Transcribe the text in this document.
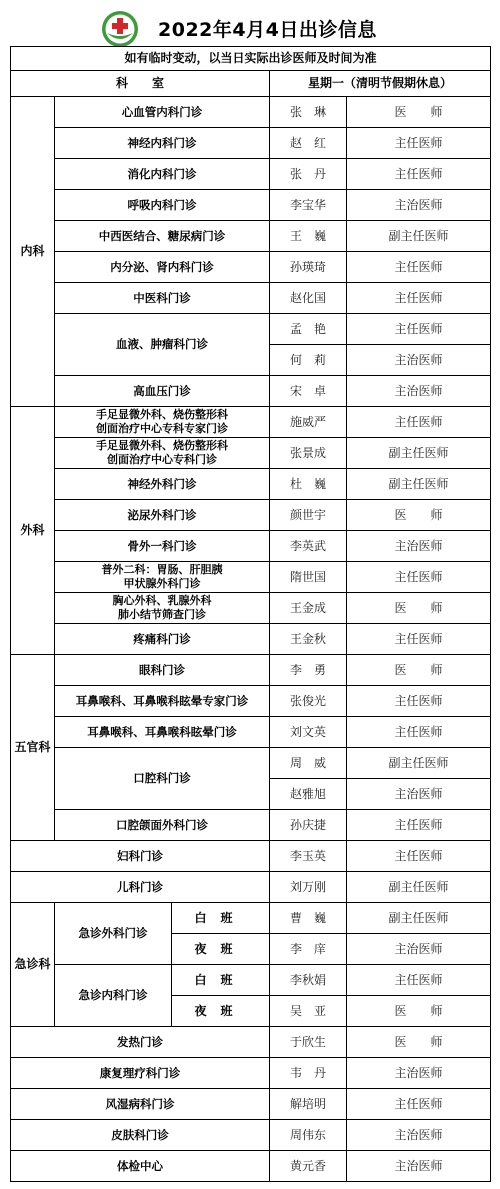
2022年4月4日出诊信息
如有临时变动，以当日实际出诊医师及时间为准				
科　　室			星期一（清明节假期休息）	
内科	心血管内科门诊		张　琳	医　　师
	神经内科门诊		赵　红	主任医师
	消化内科门诊		张　丹	主任医师
	呼吸内科门诊		李宝华	主治医师
	中西医结合、糖尿病门诊		王　巍	副主任医师
	内分泌、肾内科门诊		孙瑛琦	主任医师
	中医科门诊		赵化国	主任医师
	血液、肿瘤科门诊		孟　艳	主任医师
			何　莉	主治医师
	高血压门诊		宋　卓	主治医师
外科	手足显微外科、烧伤整形科
创面治疗中心专科专家门诊		施威严	主任医师

	手足显微外科、烧伤整形科
创面治疗中心专科门诊		张景成	副主任医师
	神经外科门诊		杜　巍	副主任医师
	泌尿外科门诊		颜世宇	医　　师
	骨外一科门诊		李英武	主治医师

	普外二科：胃肠、肝胆胰
甲状腺外科门诊		隋世国	主任医师

	胸心外科、乳腺外科
肺小结节筛查门诊		王金成	医　　师
	疼痛科门诊		王金秋	主任医师
五官科	眼科门诊		李　勇	医　　师
	耳鼻喉科、耳鼻喉科眩晕专家门诊		张俊光	主任医师
	耳鼻喉科、耳鼻喉科眩晕门诊		刘文英	主任医师
	口腔科门诊		周　威	副主任医师
			赵雅旭	主治医师
	口腔颌面外科门诊		孙庆捷	主任医师
妇科门诊			李玉英	主任医师
儿科门诊			刘万刚	副主任医师
急诊科	急诊外科门诊	白班	曹　巍	副主任医师
		夜班	李　庠	主治医师
	急诊内科门诊	白班	李秋娟	主任医师
		夜班	吴　亚	医　　师
发热门诊			于欣生	医　　师
康复理疗科门诊			韦　丹	主治医师
风湿病科门诊			解培明	主任医师
皮肤科门诊			周伟东	主治医师
体检中心			黄元香	主治医师
